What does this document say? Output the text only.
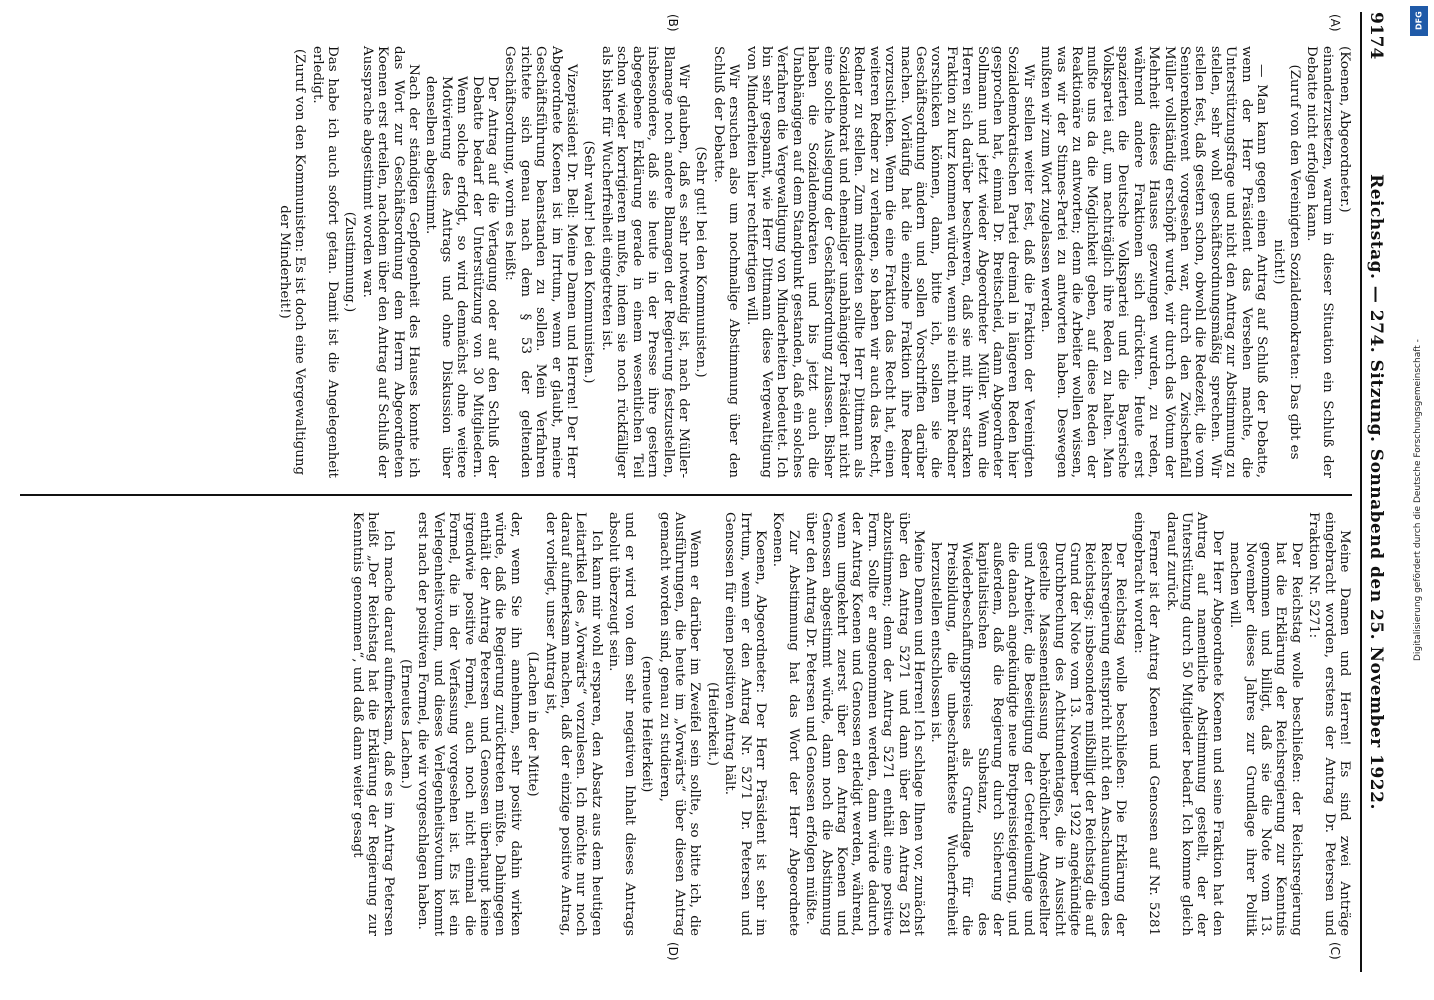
9174
Reichstag. — 274. Sitzung. Sonnabend den 25. November 1922.
(A)
(B)
(C)
(D)

(Koenen, Abgeordneter.)

einanderzusetzen, warum in dieser Situation ein Schluß der Debatte nicht erfolgen kann.

(Zuruf von den Vereinigten Sozialdemokraten: Das gibt es nicht!)

— Man kann gegen einen Antrag auf Schluß der Debatte, wenn der Herr Präsident das Versehen machte, die Unterstützungsfrage und nicht den Antrag zur Abstimmung zu stellen, sehr wohl geschäftsordnungsmäßig sprechen. Wir stellen fest, daß gestern schon, obwohl die Redezeit, die vom Seniorenkonvent vorgesehen war, durch den Zwischenfall Müller vollständig erschöpft wurde, wir durch das Votum der Mehrheit dieses Hauses gezwungen wurden, zu reden, während andere Fraktionen sich drückten. Heute erst spazierten die Deutsche Volkspartei und die Bayerische Volkspartei auf, um nachträglich ihre Reden zu halten. Man mußte uns da die Möglichkeit geben, auf diese Reden der Reaktionäre zu antworten; denn die Arbeiter wollen wissen, was wir der Stinnes-Partei zu antworten haben. Deswegen mußten wir zum Wort zugelassen werden.

Wir stellen weiter fest, daß die Fraktion der Vereinigten Sozialdemokratischen Partei dreimal in längeren Reden hier gesprochen hat, einmal Dr. Breitscheid, dann Abgeordneter Sollmann und jetzt wieder Abgeordneter Müller. Wenn die Herren sich darüber beschweren, daß sie mit ihrer starken Fraktion zu kurz kommen würden, wenn sie nicht mehr Redner vorschicken können, dann, bitte ich, sollen sie die Geschäftsordnung ändern und sollen Vorschriften darüber machen. Vorläufig hat die einzelne Fraktion ihre Redner vorzuschicken. Wenn die eine Fraktion das Recht hat, einen weiteren Redner zu verlangen, so haben wir auch das Recht, Redner zu stellen. Zum mindesten sollte Herr Dittmann als Sozialdemokrat und ehemaliger unabhängiger Präsident nicht eine solche Auslegung der Geschäftsordnung zulassen. Bisher haben die Sozialdemokraten und bis jetzt auch die Unabhängigen auf dem Standpunkt gestanden, daß ein solches Verfahren die Vergewaltigung von Minderheiten bedeutet. Ich bin sehr gespannt, wie Herr Dittmann diese Vergewaltigung von Minderheiten hier rechtfertigen will.

Wir ersuchen also um nochmalige Abstimmung über den Schluß der Debatte.

(Sehr gut! bei den Kommunisten.)

Wir glauben, daß es sehr notwendig ist, nach der Müller-Blamage noch andere Blamagen der Regierung festzustellen, insbesondere, daß sie heute in der Presse ihre gestern abgegebene Erklärung gerade in einem wesentlichen Teil schon wieder korrigieren mußte, indem sie noch rückfälliger als bisher für Wucherfreiheit eingetreten ist.

(Sehr wahr! bei den Kommunisten.)

Vizepräsident Dr. Bell: Meine Damen und Herren! Der Herr Abgeordnete Koenen ist im Irrtum, wenn er glaubt, meine Geschäftsführung beanstanden zu sollen. Mein Verfahren richtete sich genau nach dem § 53 der geltenden Geschäftsordnung, worin es heißt:

Der Antrag auf die Vertagung oder auf den Schluß der Debatte bedarf der Unterstützung von 30 Mitgliedern. Wenn solche erfolgt, so wird demnächst ohne weitere Motivierung des Antrags und ohne Diskussion über denselben abgestimmt.

Nach der ständigen Gepflogenheit des Hauses konnte ich das Wort zur Geschäftsordnung dem Herrn Abgeordneten Koenen erst erteilen, nachdem über den Antrag auf Schluß der Aussprache abgestimmt worden war.

(Zustimmung.)

Das habe ich auch sofort getan. Damit ist die Angelegenheit erledigt.

(Zuruf von den Kommunisten: Es ist doch eine Vergewaltigung der Minderheit!)

Meine Damen und Herren! Es sind zwei Anträge eingebracht worden, erstens der Antrag Dr. Petersen und Fraktion Nr. 5271:

Der Reichstag wolle beschließen: der Reichsregierung hat die Erklärung der Reichsregierung zur Kenntnis genommen und billigt, daß sie die Note vom 13. November dieses Jahres zur Grundlage ihrer Politik machen will.

Der Herr Abgeordnete Koenen und seine Fraktion hat den Antrag auf namentliche Abstimmung gestellt, der der Unterstützung durch 50 Mitglieder bedarf. Ich komme gleich darauf zurück.

Ferner ist der Antrag Koenen und Genossen auf Nr. 5281 eingebracht worden:

Der Reichstag wolle beschließen: Die Erklärung der Reichsregierung entspricht nicht den Anschauungen des Reichstags; insbesondere mißbilligt der Reichstag die auf Grund der Note vom 13. November 1922 angekündigte Durchbrechung des Achtstundentages, die in Aussicht gestellte Massenentlassung behördlicher Angestellter und Arbeiter, die Beseitigung der Getreideumlage und die danach angekündigte neue Brotpreissteigerung, und außerdem, daß die Regierung durch Sicherung der kapitalistischen Substanz, des Wiederbeschaffungspreises als Grundlage für die Preisbildung, die unbeschränkteste Wucherfreiheit herzustellen entschlossen ist.

Meine Damen und Herren! Ich schlage Ihnen vor, zunächst über den Antrag 5271 und dann über den Antrag 5281 abzustimmen; denn der Antrag 5271 enthält eine positive Form. Sollte er angenommen werden, dann würde dadurch der Antrag Koenen und Genossen erledigt werden, während, wenn umgekehrt zuerst über den Antrag Koenen und Genossen abgestimmt würde, dann noch die Abstimmung über den Antrag Dr. Petersen und Genossen erfolgen müßte.

Zur Abstimmung hat das Wort der Herr Abgeordnete Koenen.

Koenen, Abgeordneter: Der Herr Präsident ist sehr im Irrtum, wenn er den Antrag Nr. 5271 Dr. Petersen und Genossen für einen positiven Antrag hält.

(Heiterkeit.)

Wenn er darüber im Zweifel sein sollte, so bitte ich, die Ausführungen, die heute im „Vorwärts“ über diesen Antrag gemacht worden sind, genau zu studieren,

(erneute Heiterkeit)

und er wird von dem sehr negativen Inhalt dieses Antrags absolut überzeugt sein.

Ich kann mir wohl ersparen, den Absatz aus dem heutigen Leitartikel des „Vorwärts“ vorzulesen. Ich möchte nur noch darauf aufmerksam machen, daß der einzige positive Antrag, der vorliegt, unser Antrag ist,

(Lachen in der Mitte)

der, wenn Sie ihn annehmen, sehr positiv dahin wirken würde, daß die Regierung zurücktreten müßte. Dahingegen enthält der Antrag Petersen und Genossen überhaupt keine irgendwie positive Formel, auch noch nicht einmal die Formel, die in der Verfassung vorgesehen ist. Es ist ein Verlegenheitsvotum, und dieses Verlegenheitsvotum kommt erst nach der positiven Formel, die wir vorgeschlagen haben.

(Erneutes Lachen.)

Ich mache darauf aufmerksam, daß es im Antrag Petersen heißt „Der Reichstag hat die Erklärung der Regierung zur Kenntnis genommen“, und daß dann weiter gesagt

DFG
Digitalisierung gefördert durch die Deutsche Forschungsgemeinschaft -
